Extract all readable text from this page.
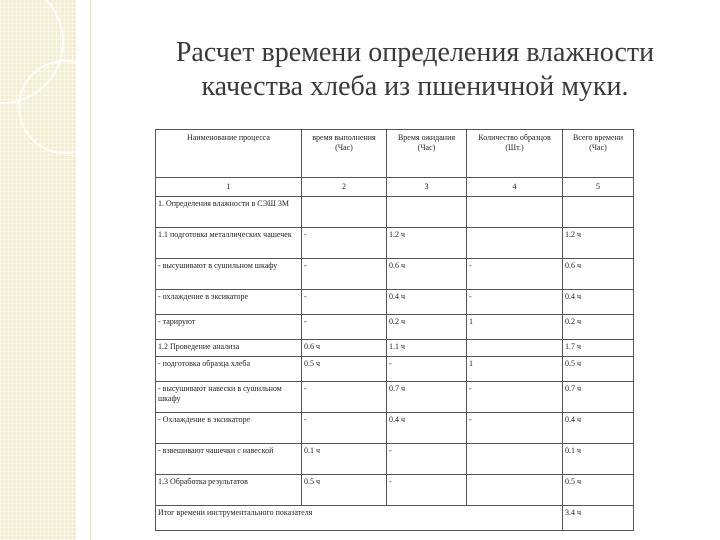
Расчет времени определения влажности качества хлеба из пшеничной муки.
Наименование процесса	время выполнения (Час)	Время ожидания (Час)	Количество образцов (Шт.)	Всего времени (Час)
1	2	3	4	5
1. Определения влажности в СЭШ 3М				
1.1 подготовка металлических чашечек	-	1.2 ч		1.2 ч
- высушивают в сушильном шкафу	-	0.6 ч	-	0.6 ч
- охлаждение в эксикаторе	-	0.4 ч	-	0.4 ч
- тарируют	-	0.2 ч	1	0.2 ч
1.2 Проведение анализа	0.6 ч	1.1 ч		1.7 ч
- подготовка образца хлеба	0.5 ч	-	1	0.5 ч
- высушивают навески в сушильном шкафу	-	0.7 ч	-	0.7 ч
- Охлаждение в эксикаторе	-	0.4 ч	-	0.4 ч
- взвешивают чашечки с навеской	0.1 ч	-		0.1 ч
1.3 Обработка результатов	0.5 ч	-		0.5 ч
Итог времени инструментального показателя				3.4 ч
